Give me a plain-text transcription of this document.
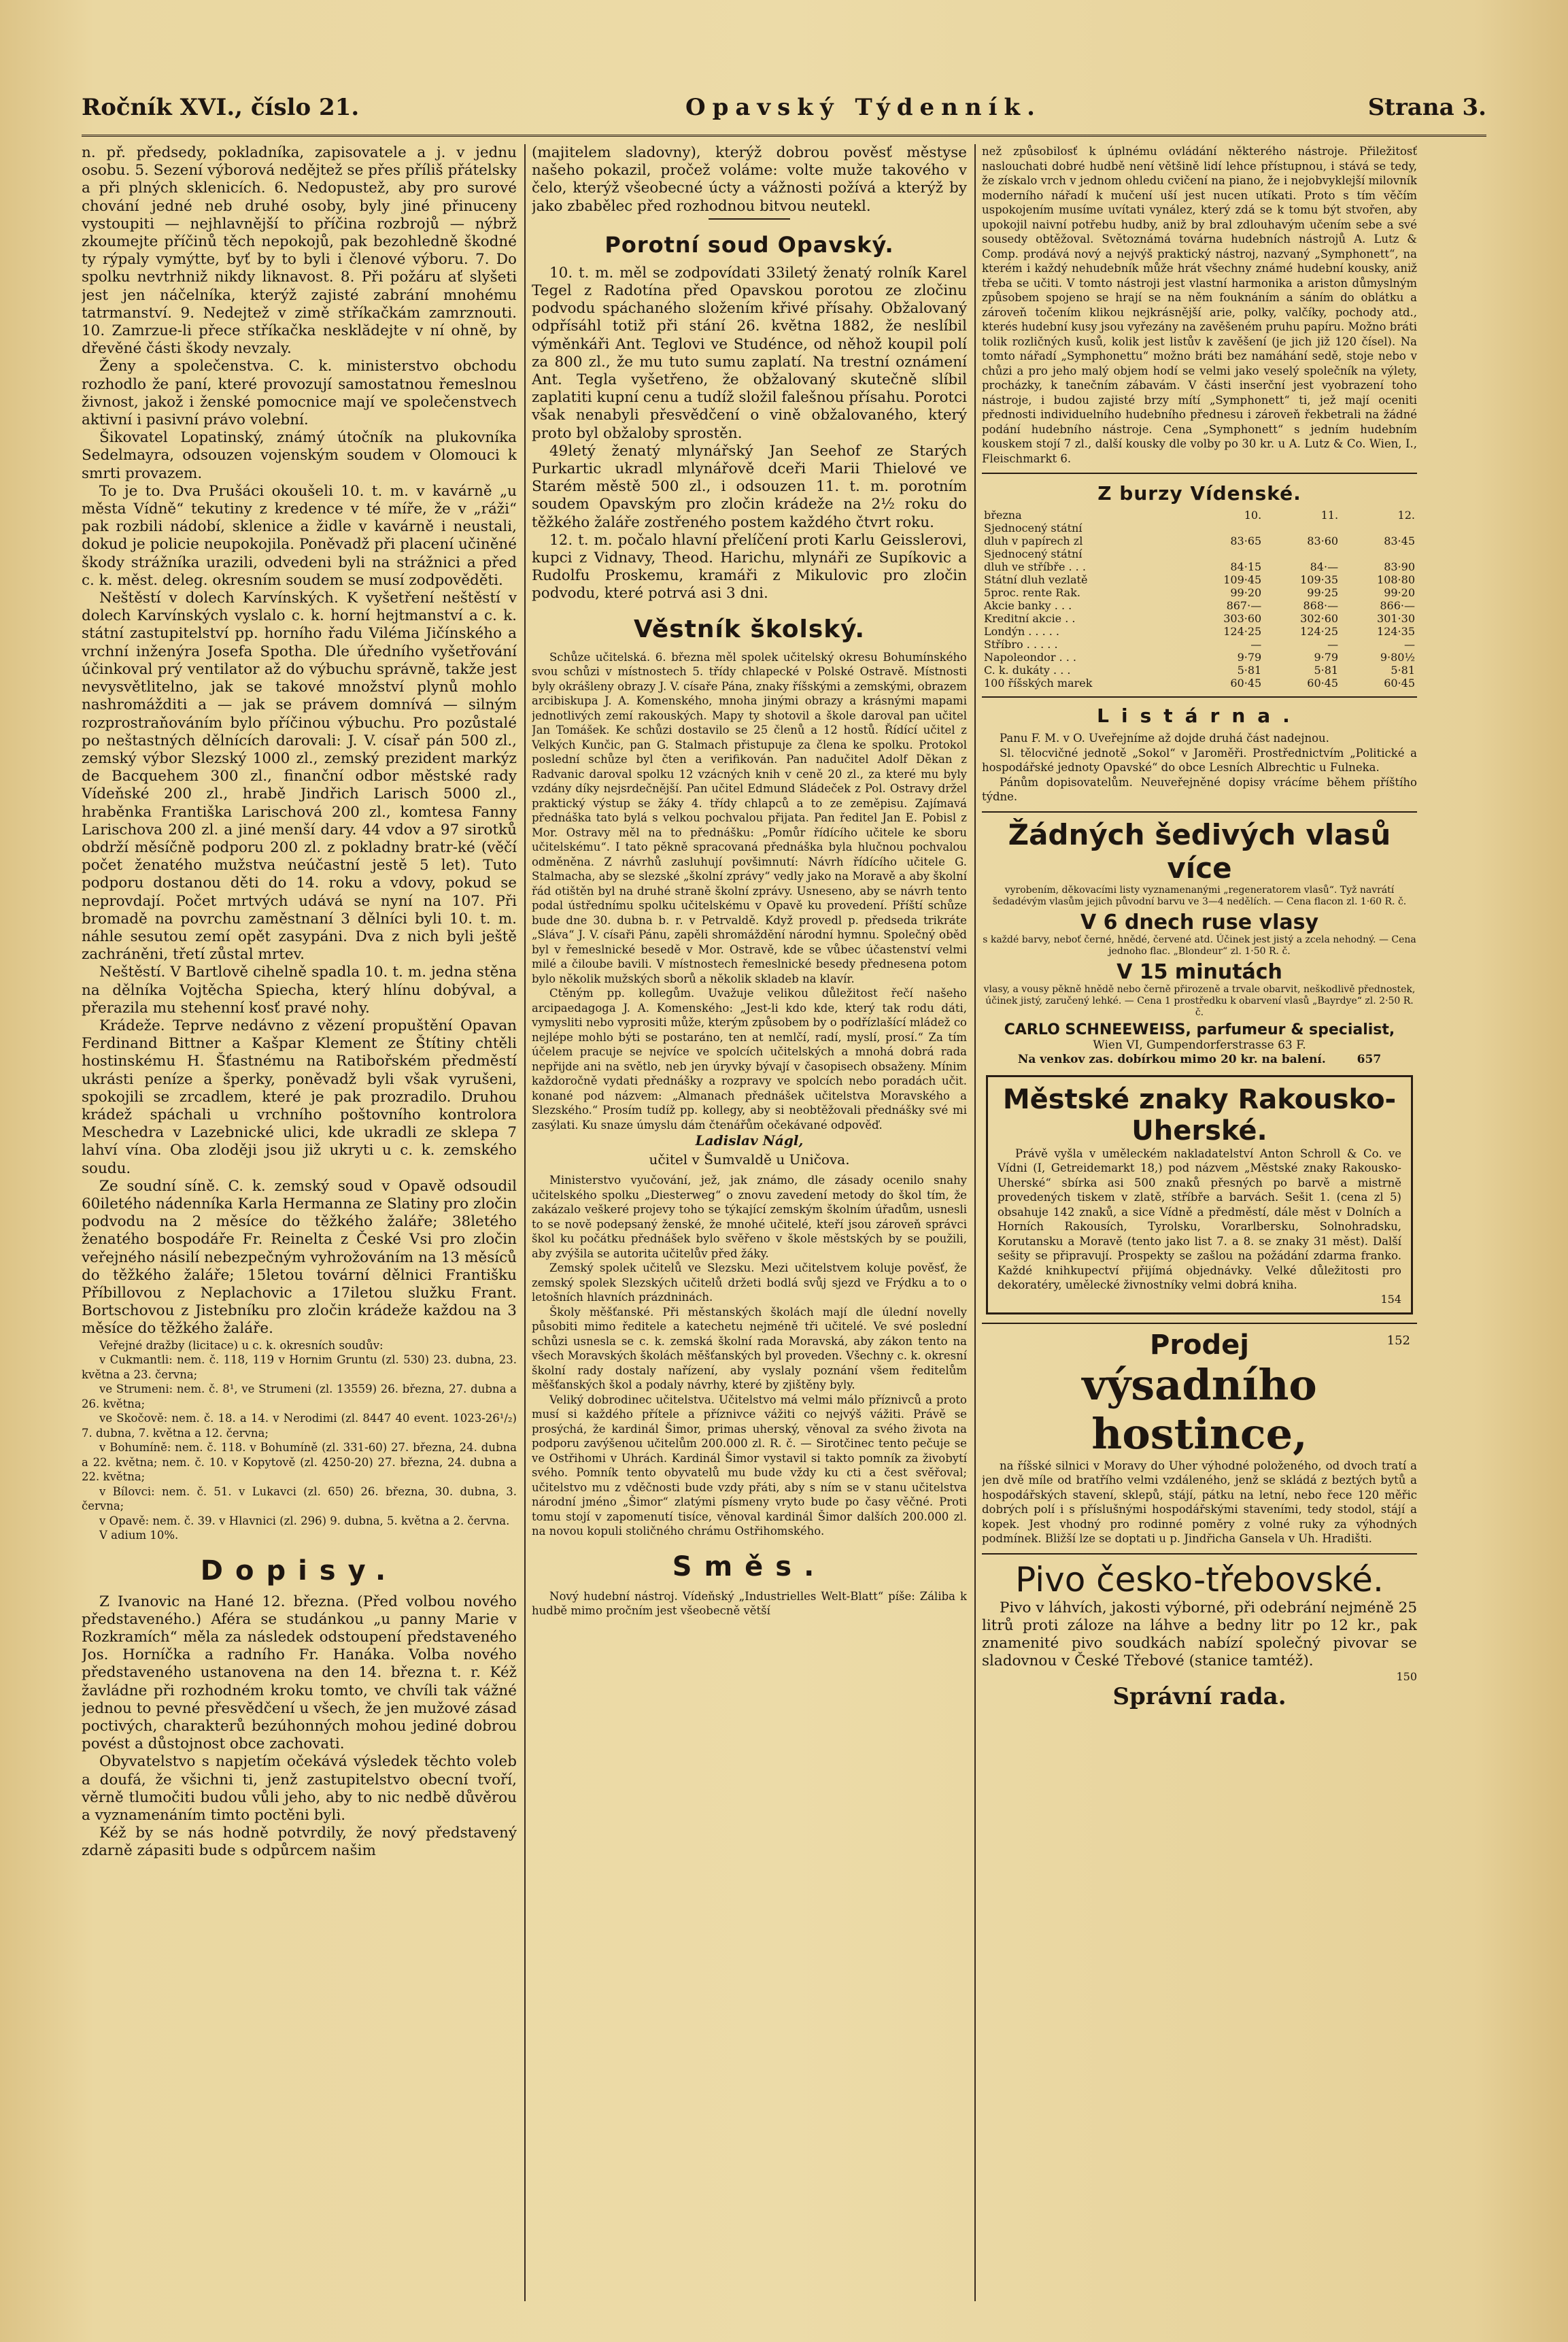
Ročník XVI., číslo 21.	Opavský Týdenník.	Strana 3.

n. př. předsedy, pokladníka, zapisovatele a j. v jednu osobu. 5. Sezení výborová nedějtež se přes příliš přátelsky a při plných sklenicích. 6. Nedopustež, aby pro surové chování jedné neb druhé osoby, byly jiné přinuceny vystoupiti — nejhlavnější to příčina rozbrojů — nýbrž zkoumejte příčinů těch nepokojů, pak bezohledně škodné ty rýpaly vymýtte, byť by to byli i členové výboru. 7. Do spolku nevtrhniž nikdy liknavost. 8. Při požáru ať slyšeti jest jen náčelníka, kterýž zajisté zabrání mnohému tatrmanství. 9. Nedejtež v zimě stříkačkám zamrznouti. 10. Zamrzue-li přece stříkačka nesklădejte v ní ohně, by dřevěné části škody nevzaly.

Ženy a společenstva. C. k. ministerstvo obchodu rozhodlo že paní, které provozují samostatnou řemeslnou živnost, jakož i ženské pomocnice mají ve společenstvech aktivní i pasivní právo volební.

Šikovatel Lopatinský, známý útočník na plukovníka Sedelmayra, odsouzen vojenským soudem v Olomouci k smrti provazem.

To je to. Dva Prušáci okoušeli 10. t. m. v kavárně „u města Vídně“ tekutiny z kredence v té míře, že v „ráži“ pak rozbili nádobí, sklenice a židle v kavárně i neustali, dokud je policie neupokojila. Poněvadž při placení učiněné škody strážníka urazili, odvedeni byli na strážnici a před c. k. měst. deleg. okresním soudem se musí zodpověděti.

Neštěstí v dolech Karvínských. K vyšetření neštěstí v dolech Karvínských vyslalo c. k. horní hejtmanství a c. k. státní zastupitelství pp. horního řadu Viléma Jičínského a vrchní inženýra Josefa Spotha. Dle úředního vyšetřování účinkoval prý ventilator až do výbuchu správně, takže jest nevysvětlitelno, jak se takové množství plynů mohlo nashromážditi a — jak se právem domnívá — silným rozprostraňováním bylo příčinou výbuchu. Pro pozůstalé po neštastných dělnících darovali: J. V. císař pán 500 zl., zemský výbor Slezský 1000 zl., zemský prezident markýz de Bacquehem 300 zl., finanční odbor městské rady Vídeňské 200 zl., hrabě Jindřich Larisch 5000 zl., hraběnka Františka Larischová 200 zl., komtesa Fanny Larischova 200 zl. a jiné menší dary. 44 vdov a 97 sirotků obdrží měsíčně podporu 200 zl. z pokladny bratr-ké (věčí počet ženatého mužstva neúčastní jestě 5 let). Tuto podporu dostanou děti do 14. roku a vdovy, pokud se neprovdají. Počet mrtvých udává se nyní na 107. Při bromadě na povrchu zaměstnaní 3 dělníci byli 10. t. m. náhle sesutou zemí opět zasypáni. Dva z nich byli ještě zachráněni, třetí zůstal mrtev.

Neštěstí. V Bartlově cihelně spadla 10. t. m. jedna stěna na dělníka Vojtěcha Spiecha, který hlínu dobýval, a přerazila mu stehenní kosť pravé nohy.

Krádeže. Teprve nedávno z vězení propuštění Opavan Ferdinand Bittner a Kašpar Klement ze Štítiny chtěli hostinskému H. Šťastnému na Ratibořském předměstí ukrásti peníze a šperky, poněvadž byli však vyrušeni, spokojili se zrcadlem, které je pak prozradilo. Druhou krádež spáchali u vrchního poštovního kontrolora Meschedra v Lazebnické ulici, kde ukradli ze sklepa 7 lahví vína. Oba zloději jsou již ukryti u c. k. zemského soudu.

Ze soudní síně. C. k. zemský soud v Opavě odsoudil 60iletého nádenníka Karla Hermanna ze Slatiny pro zločin podvodu na 2 měsíce do těžkého žaláře; 38letého ženatého bospodáře Fr. Reinelta z České Vsi pro zločin veřejného násilí nebezpečným vyhrožováním na 13 měsíců do těžkého žaláře; 15letou tovární dělnici Františku Příbillovou z Neplachovic a 17iletou služku Frant. Bortschovou z Jistebníku pro zločin krádeže každou na 3 měsíce do těžkého žaláře.

Veřejné dražby (licitace) u c. k. okresních soudův:

v Cukmantli: nem. č. 118, 119 v Hornim Gruntu (zl. 530) 23. dubna, 23. května a 23. června;

ve Strumeni: nem. č. 8¹, ve Strumeni (zl. 13559) 26. března, 27. dubna a 26. května;

ve Skočově: nem. č. 18. a 14. v Nerodimi (zl. 8447 40 event. 1023-26¹/₂) 7. dubna, 7. května a 12. června;

v Bohumíně: nem. č. 118. v Bohumíně (zl. 331-60) 27. března, 24. dubna a 22. května; nem. č. 10. v Kopytově (zl. 4250-20) 27. března, 24. dubna a 22. května;

v Bílovci: nem. č. 51. v Lukavci (zl. 650) 26. března, 30. dubna, 3. června;

v Opavě: nem. č. 39. v Hlavnici (zl. 296) 9. dubna, 5. května a 2. června.

V adium 10%.

Dopisy.

Z Ivanovic na Hané 12. března. (Před volbou nového představeného.) Aféra se studánkou „u panny Marie v Rozkramích“ měla za následek odstoupení představeného Jos. Horníčka a radního Fr. Hanáka. Volba nového představeného ustanovena na den 14. března t. r. Kéž žavládne při rozhodném kroku tomto, ve chvíli tak vážné jednou to pevné přesvědčení u všech, že jen mužové zásad poctivých, charakterů bezúhonných mohou jediné dobrou povést a důstojnost obce zachovati.

Obyvatelstvo s napjetím očekává výsledek těchto voleb a doufá, že všichni ti, jenž zastupitelstvo obecní tvoří, věrně tlumočiti budou vůli jeho, aby to nic nedbě důvěrou a vyznamenáním timto poctěni byli.

Kéž by se nás hodně potvrdily, že nový představený zdarně zápasiti bude s odpůrcem našim

(majitelem sladovny), kterýž dobrou pověsť městyse našeho pokazil, pročež voláme: volte muže takového v čelo, kterýž všeobecné úcty a vážnosti požívá a kterýž by jako zbabělec před rozhodnou bitvou neutekl.

Porotní soud Opavský.

10. t. m. měl se zodpovídati 33iletý ženatý rolník Karel Tegel z Radotína před Opavskou porotou ze zločinu podvodu spáchaného složením křivé přísahy. Obžalovaný odpřísáhl totiž při stání 26. května 1882, že neslíbil výměnkáři Ant. Teglovi ve Studénce, od něhož koupil polí za 800 zl., že mu tuto sumu zaplatí. Na trestní oznámení Ant. Tegla vyšetřeno, že obžalovaný skutečně slíbil zaplatiti kupní cenu a tudíž složil falešnou přísahu. Porotci však nenabyli přesvědčení o vině obžalovaného, který proto byl obžaloby sprostěn.

49letý ženatý mlynářský Jan Seehof ze Starých Purkartic ukradl mlynářově dceři Marii Thielové ve Starém městě 500 zl., i odsouzen 11. t. m. porotním soudem Opavským pro zločin krádeže na 2½ roku do těžkého žaláře zostřeného postem každého čtvrt roku.

12. t. m. počalo hlavní přelíčení proti Karlu Geisslerovi, kupci z Vidnavy, Theod. Harichu, mlynáři ze Supíkovic a Rudolfu Proskemu, kramáři z Mikulovic pro zločin podvodu, které potrvá asi 3 dni.

Věstník školský.

Schůze učitelská. 6. března měl spolek učitelský okresu Bohumínského svou schůzi v místnostech 5. třídy chlapecké v Polské Ostravě. Místnosti byly okrášleny obrazy J. V. císaře Pána, znaky říšskými a zemskými, obrazem arcibiskupa J. A. Komenského, mnoha jinými obrazy a krásnými mapami jednotlivých zemí rakouských. Mapy ty shotovil a škole daroval pan učitel Jan Tomášek. Ke schůzi dostavilo se 25 členů a 12 hostů. Řídící učitel z Velkých Kunčic, pan G. Stalmach přistupuje za člena ke spolku. Protokol poslední schůze byl čten a verifikován. Pan nadučitel Adolf Děkan z Radvanic daroval spolku 12 vzácných knih v ceně 20 zl., za které mu byly vzdány díky nejsrdečnější. Pan učitel Edmund Sládeček z Pol. Ostravy držel praktický výstup se žáky 4. třídy chlapců a to ze zeměpisu. Zajímavá přednáška tato bylá s velkou pochvalou přijata. Pan ředitel Jan E. Pobisl z Mor. Ostravy měl na to přednášku: „Pomůr řídícího učitele ke sboru učitelskému“. I tato pěkně spracovaná přednáška byla hlučnou pochvalou odměněna. Z návrhů zasluhují povšimnutí: Návrh řídícího učitele G. Stalmacha, aby se slezské „školní zprávy“ vedly jako na Moravě a aby školní řád otištěn byl na druhé straně školní zprávy. Usneseno, aby se návrh tento podal ústřednímu spolku učitelskému v Opavě ku provedení. Příští schůze bude dne 30. dubna b. r. v Petrvaldě. Když provedl p. předseda trikráte „Sláva“ J. V. císaři Pánu, zapěli shromáždění národní hymnu. Společný oběd byl v řemeslnické besedě v Mor. Ostravě, kde se vůbec účastenství velmi milé a čiloube bavili. V místnostech řemeslnické besedy přednesena potom bylo několik mužských sborů a několik skladeb na klavír.

Ctěným pp. kollegům. Uvažuje velikou důležitost řečí našeho arcipaedagoga J. A. Komenského: „Jest-li kdo kde, který tak rodu dáti, vymysliti nebo vyprositi může, kterým způsobem by o podřízlašící mládež co nejlépe mohlo býti se postaráno, ten at nemlčí, radí, myslí, prosí.“ Za tím účelem pracuje se nejvíce ve spolcích učitelských a mnohá dobrá rada nepřijde ani na světlo, neb jen úryvky bývají v časopisech obsaženy. Mínim každoročně vydati přednášky a rozpravy ve spolcích nebo poradách učit. konané pod názvem: „Almanach přednášek učitelstva Moravského a Slezského.“ Prosím tudíž pp. kollegy, aby si neobtěžovali přednášky své mi zasýlati. Ku snaze úmyslu dám čtenářům očekávané odpověď.

Ladislav Nágl,
učitel v Šumvaldě u Uničova.

Ministerstvo vyučování, jež, jak známo, dle zásady ocenilo snahy učitelského spolku „Diesterweg“ o znovu zavedení metody do škol tím, že zakázalo veškeré projevy toho se týkající zemským školním úřadům, usnesli to se nově podepsaný ženské, že mnohé učitelé, kteří jsou zároveň správci škol ku počátku přednášek bylo svěřeno v škole městských by se použili, aby zvýšila se autorita učitelův před žáky.

Zemský spolek učitelů ve Slezsku. Mezi učitelstvem koluje pověsť, že zemský spolek Slezských učitelů držeti bodlá svůj sjezd ve Frýdku a to o letošních hlavních prázdninách.

Školy měšťanské. Při městanských školách mají dle úlední novelly působiti mimo ředitele a katechetu nejméně tři učitelé. Ve své poslední schůzi usnesla se c. k. zemská školní rada Moravská, aby zákon tento na všech Moravských školách měšťanských byl proveden. Všechny c. k. okresní školní rady dostaly nařízení, aby vyslaly poznání všem ředitelům měšťanských škol a podaly návrhy, které by zjištěny byly.

Veliký dobrodinec učitelstva. Učitelstvo má velmi málo příznivců a proto musí si každého přítele a příznivce vážiti co nejvýš vážiti. Právě se prosýchá, že kardinál Šimor, primas uherský, věnoval za svého života na podporu zavýšenou učitelům 200.000 zl. R. č. — Sirotčinec tento pečuje se ve Ostřihomi v Uhrách. Kardinál Šimor vystavil si takto pomník za živobytí svého. Pomník tento obyvatelů mu bude vždy ku cti a čest svěřoval; učitelstvo mu z vděčnosti bude vzdy přáti, aby s ním se v stanu učitelstva národní jméno „Šimor“ zlatými písmeny vryto bude po časy věčné. Proti tomu stojí v zapomenutí tisíce, věnoval kardinál Šimor dalších 200.000 zl. na novou kopuli stoličného chrámu Ostřihomského.

Směs.

Nový hudební nástroj. Vídeňský „Industrielles Welt-Blatt“ píše: Záliba k hudbě mimo pročním jest všeobecně větší

než způsobilosť k úplnému ovládání některého nástroje. Přiležitosť naslouchati dobré hudbě není většině lidí lehce přístupnou, i stává se tedy, že získalo vrch v jednom ohledu cvičení na piano, že i nejobvyklejší milovník moderního nářadí k mučení uší jest nucen utíkati. Proto s tím věčím uspokojením musíme uvítati vynález, který zdá se k tomu být stvořen, aby upokojil naivní potřebu hudby, aniž by bral zdlouhavým učením sebe a své sousedy obtěžoval. Světoznámá továrna hudebních nástrojů A. Lutz & Comp. prodává nový a nejvýš praktický nástroj, nazvaný „Symphonett“, na kterém i každý nehudebník může hrát všechny známé hudební kousky, aniž třeba se učiti. V tomto nástroji jest vlastní harmonika a ariston důmyslným způsobem spojeno se hrají se na něm fouknáním a sáním do oblátku a zároveň točením klikou nejkrásnější arie, polky, valčíky, pochody atd., kterés hudební kusy jsou vyřezány na zavěšeném pruhu papíru. Možno bráti tolik rozličných kusů, kolik jest listův k zavěšení (je jich již 120 čísel). Na tomto nářadí „Symphonettu“ možno bráti bez namáhání sedě, stoje nebo v chůzi a pro jeho malý objem hodí se velmi jako veselý společník na výlety, procházky, k tanečním zábavám. V části inserční jest vyobrazení toho nástroje, i budou zajisté brzy mítí „Symphonett“ ti, jež mají oceniti přednosti individuelního hudebního přednesu i zároveň řekbetrali na žádné podání hudebního nástroje. Cena „Symphonett“ s jedním hudebním kouskem stojí 7 zl., další kousky dle volby po 30 kr. u A. Lutz & Co. Wien, I., Fleischmarkt 6.

Z burzy Vídenské.
března	10.	11.	12.
Sjednocený státní			
dluh v papírech zl	83·65	83·60	83·45
Sjednocený státní			
dluh ve stříbře . . .	84·15	84·—	83·90
Státní dluh vezlatě	109·45	109·35	108·80
5proc. rente Rak.	99·20	99·25	99·20
Akcie banky . . .	867·—	868·—	866·—
Kreditní akcie . .	303·60	302·60	301·30
Londýn . . . . .	124·25	124·25	124·35
Stříbro . . . . .	—	—	—
Napoleondor . . .	9·79	9·79	9·80½
C. k. dukáty . . .	5·81	5·81	5·81
100 říšských marek	60·45	60·45	60·45
Listárna.

Panu F. M. v O. Uveřejníme až dojde druhá část nadejnou.

Sl. tělocvičné jednotě „Sokol“ v Jaroměři. Prostřednictvím „Politické a hospodářské jednoty Opavské“ do obce Lesních Albrechtic u Fulneka.

Pánům dopisovatelům. Neuveřejněné dopisy vrácíme během příštího týdne.

Žádných šedivých vlasů více
vyrobením, děkovacími listy vyznamenanými „regeneratorem vlasů“. Tyž navrátí šedadévým vlasům jejich původní barvu ve 3—4 nedělích. — Cena flacon zl. 1·60 R. č.
V 6 dnech ruse vlasy
s každé barvy, neboť černé, hnědé, červené atd. Účinek jest jistý a zcela nehodný. — Cena jednoho flac. „Blondeur“ zl. 1·50 R. č.
V 15 minutách
vlasy, a vousy pěkně hnědě nebo černě přirozeně a trvale obarvit, neškodlivě přednostek, účinek jistý, zaručený lehké. — Cena 1 prostředku k obarvení vlasů „Bayrdye“ zl. 2·50 R. č.
CARLO SCHNEEWEISS, parfumeur & specialist,
Wien VI, Gumpendorferstrasse 63 F.
Na venkov zas. dobírkou mimo 20 kr. na balení.	657
Městské znaky Rakousko-Uherské.

Právě vyšla v uměleckém nakladatelství Anton Schroll & Co. ve Vídni (I, Getreidemarkt 18,) pod názvem „Městské znaky Rakousko-Uherské“ sbírka asi 500 znaků přesných po barvě a mistrně provedených tiskem v zlatě, stříbře a barvách. Sešit 1. (cena zl 5) obsahuje 142 znaků, a sice Vídně a předměstí, dále měst v Dolních a Horních Rakousích, Tyrolsku, Vorarlbersku, Solnohradsku, Korutansku a Moravě (tento jako list 7. a 8. se znaky 31 měst). Další sešity se připravují. Prospekty se zašlou na požádání zdarma franko. Každé knihkupectví přijímá objednávky. Velké důležitosti pro dekoratéry, umělecké živnostníky velmi dobrá kniha.

154
Prodej	152
výsadního hostince,

na říšské silnici v Moravy do Uher výhodné položeného, od dvoch tratí a jen dvě míle od bratřího velmi vzdáleného, jenž se skládá z beztých bytů a hospodářských stavení, sklepů, stájí, pátku na letní, nebo řece 120 měřic dobrých polí i s příslušnými hospodářskými staveními, tedy stodol, stájí a kopek. Jest vhodný pro rodinné poměry z volné ruky za výhodných podmínek. Bližší lze se doptati u p. Jindřicha Gansela v Uh. Hradišti.

Pivo česko-třebovské.

Pivo v láhvích, jakosti výborné, při odebrání nejméně 25 litrů proti záloze na láhve a bedny litr po 12 kr., pak znamenité pivo soudkách nabízí společný pivovar se sladovnou v České Třebové (stanice tamtéž).

150
Správní rada.
